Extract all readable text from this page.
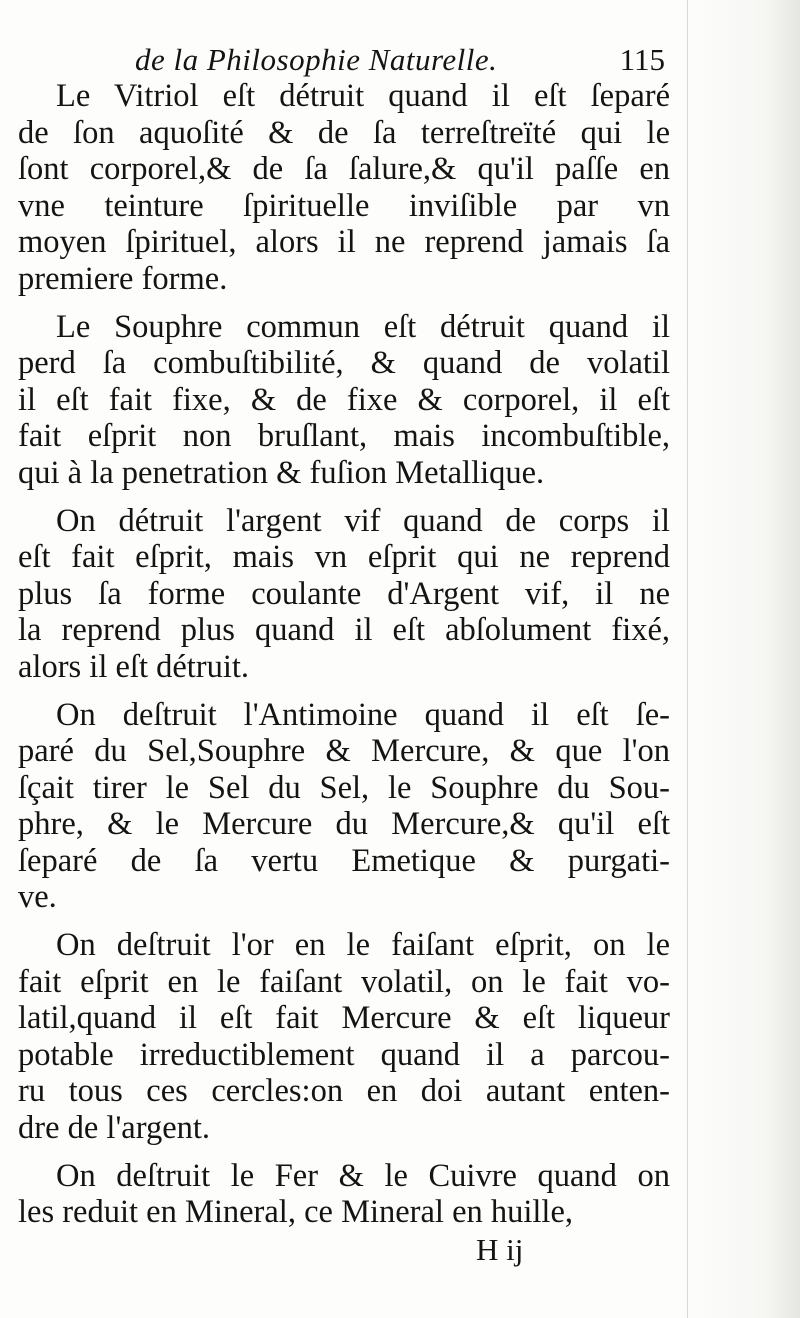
de la Philosophie Naturelle.	115
Le Vitriol eſt détruit quand il eſt ſeparé
de ſon aquoſité & de ſa terreſtreïté qui le
ſont corporel,& de ſa ſalure,& qu'il paſſe en
vne teinture ſpirituelle inviſible par vn
moyen ſpirituel, alors il ne reprend jamais ſa
premiere forme.
Le Souphre commun eſt détruit quand il
perd ſa combuſtibilité, & quand de volatil
il eſt fait fixe, & de fixe & corporel, il eſt
fait eſprit non bruſlant, mais incombuſtible,
qui à la penetration & fuſion Metallique.
On détruit l'argent vif quand de corps il
eſt fait eſprit, mais vn eſprit qui ne reprend
plus ſa forme coulante d'Argent vif, il ne
la reprend plus quand il eſt abſolument fixé,
alors il eſt détruit.
On deſtruit l'Antimoine quand il eſt ſe-
paré du Sel,Souphre & Mercure, & que l'on
ſçait tirer le Sel du Sel, le Souphre du Sou-
phre, & le Mercure du Mercure,& qu'il eſt
ſeparé de ſa vertu Emetique & purgati-
ve.
On deſtruit l'or en le faiſant eſprit, on le
fait eſprit en le faiſant volatil, on le fait vo-
latil,quand il eſt fait Mercure & eſt liqueur
potable irreductiblement quand il a parcou-
ru tous ces cercles:on en doi autant enten-
dre de l'argent.
On deſtruit le Fer & le Cuivre quand on
les reduit en Mineral, ce Mineral en huille,
H ij
